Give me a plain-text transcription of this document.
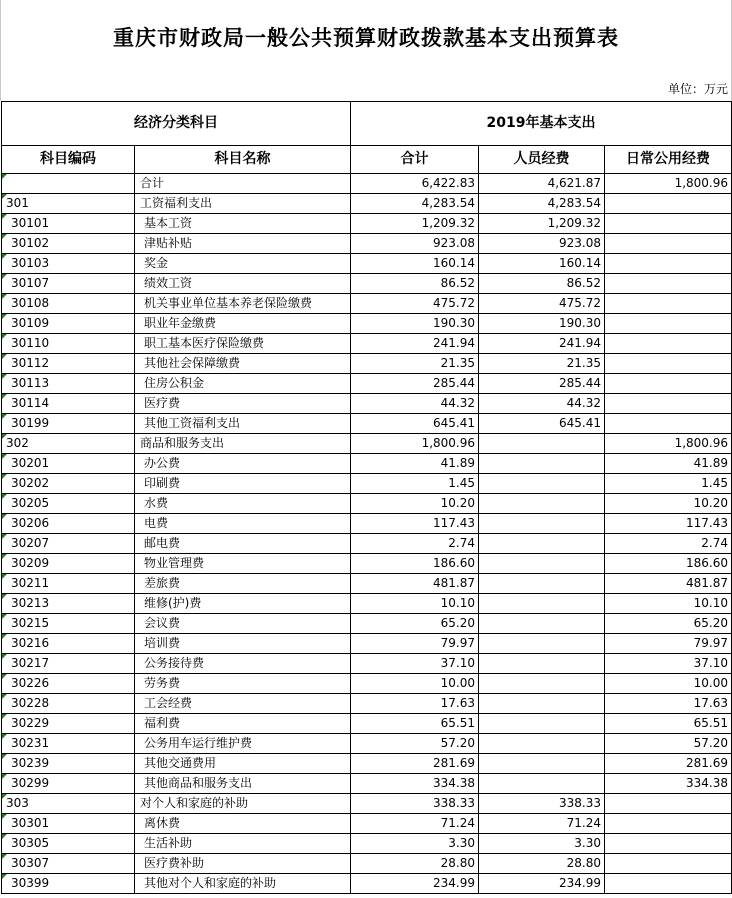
重庆市财政局一般公共预算财政拨款基本支出预算表
单位：万元
经济分类科目		2019年基本支出		
科目编码	科目名称	合计	人员经费	日常公用经费
	合计	6,422.83	4,621.87	1,800.96
301	工资福利支出	4,283.54	4,283.54	
30101	基本工资	1,209.32	1,209.32	
30102	津贴补贴	923.08	923.08	
30103	奖金	160.14	160.14	
30107	绩效工资	86.52	86.52	
30108	机关事业单位基本养老保险缴费	475.72	475.72	
30109	职业年金缴费	190.30	190.30	
30110	职工基本医疗保险缴费	241.94	241.94	
30112	其他社会保障缴费	21.35	21.35	
30113	住房公积金	285.44	285.44	
30114	医疗费	44.32	44.32	
30199	其他工资福利支出	645.41	645.41	
302	商品和服务支出	1,800.96		1,800.96
30201	办公费	41.89		41.89
30202	印刷费	1.45		1.45
30205	水费	10.20		10.20
30206	电费	117.43		117.43
30207	邮电费	2.74		2.74
30209	物业管理费	186.60		186.60
30211	差旅费	481.87		481.87
30213	维修(护)费	10.10		10.10
30215	会议费	65.20		65.20
30216	培训费	79.97		79.97
30217	公务接待费	37.10		37.10
30226	劳务费	10.00		10.00
30228	工会经费	17.63		17.63
30229	福利费	65.51		65.51
30231	公务用车运行维护费	57.20		57.20
30239	其他交通费用	281.69		281.69
30299	其他商品和服务支出	334.38		334.38
303	对个人和家庭的补助	338.33	338.33	
30301	离休费	71.24	71.24	
30305	生活补助	3.30	3.30	
30307	医疗费补助	28.80	28.80	
30399	其他对个人和家庭的补助	234.99	234.99	
